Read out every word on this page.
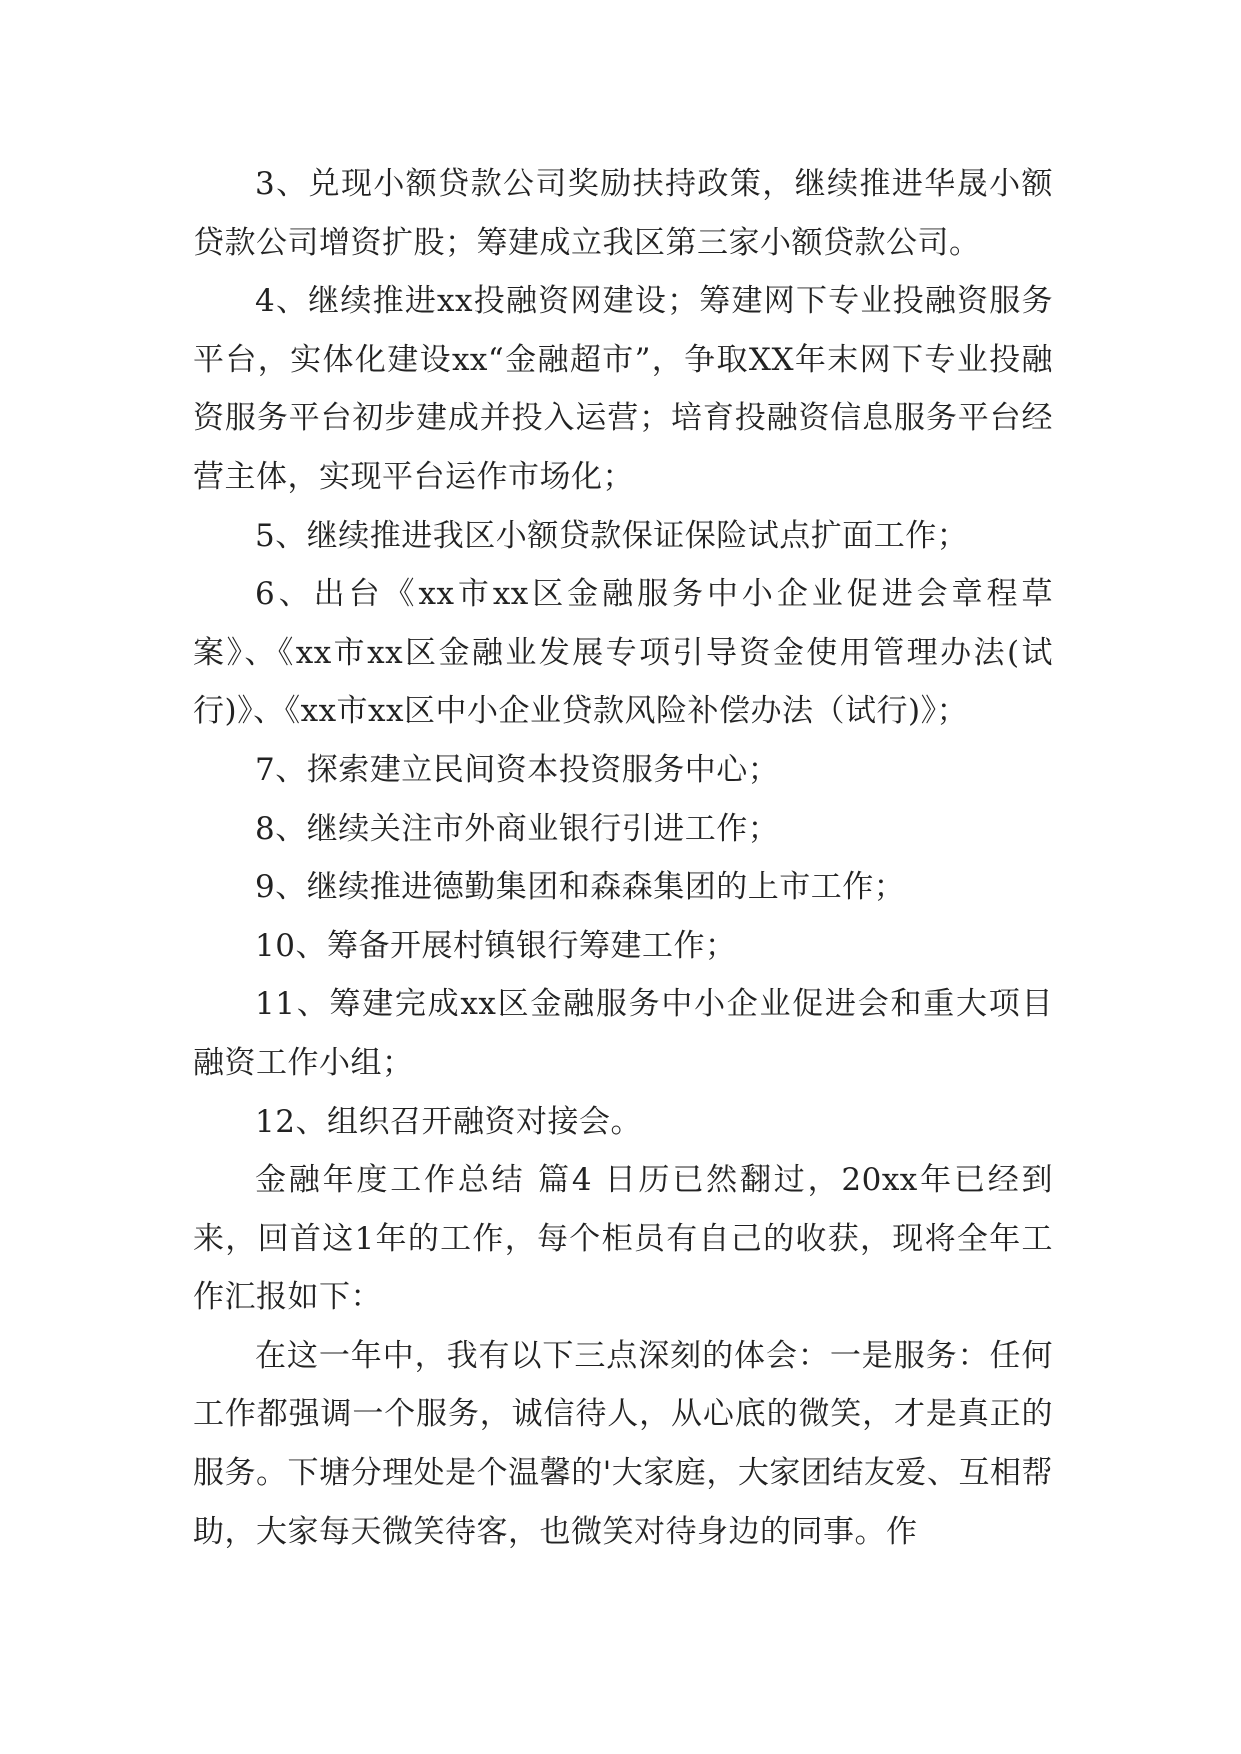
3、兑现小额贷款公司奖励扶持政策，继续推进华晟小额贷款公司增资扩股；筹建成立我区第三家小额贷款公司。

4、继续推进xx投融资网建设；筹建网下专业投融资服务平台，实体化建设xx“金融超市”，争取XX年末网下专业投融资服务平台初步建成并投入运营；培育投融资信息服务平台经营主体，实现平台运作市场化；

5、继续推进我区小额贷款保证保险试点扩面工作；

6、出台《xx市xx区金融服务中小企业促进会章程草案》、《xx市xx区金融业发展专项引导资金使用管理办法(试行)》、《xx市xx区中小企业贷款风险补偿办法（试行)》；

7、探索建立民间资本投资服务中心；

8、继续关注市外商业银行引进工作；

9、继续推进德勤集团和森森集团的上市工作；

10、筹备开展村镇银行筹建工作；

11、筹建完成xx区金融服务中小企业促进会和重大项目融资工作小组；

12、组织召开融资对接会。

金融年度工作总结 篇4 日历已然翻过，20xx年已经到来，回首这1年的工作，每个柜员有自己的收获，现将全年工作汇报如下：

在这一年中，我有以下三点深刻的体会：一是服务：任何工作都强调一个服务，诚信待人，从心底的微笑，才是真正的服务。下塘分理处是个温馨的'大家庭，大家团结友爱、互相帮助，大家每天微笑待客，也微笑对待身边的同事。作
